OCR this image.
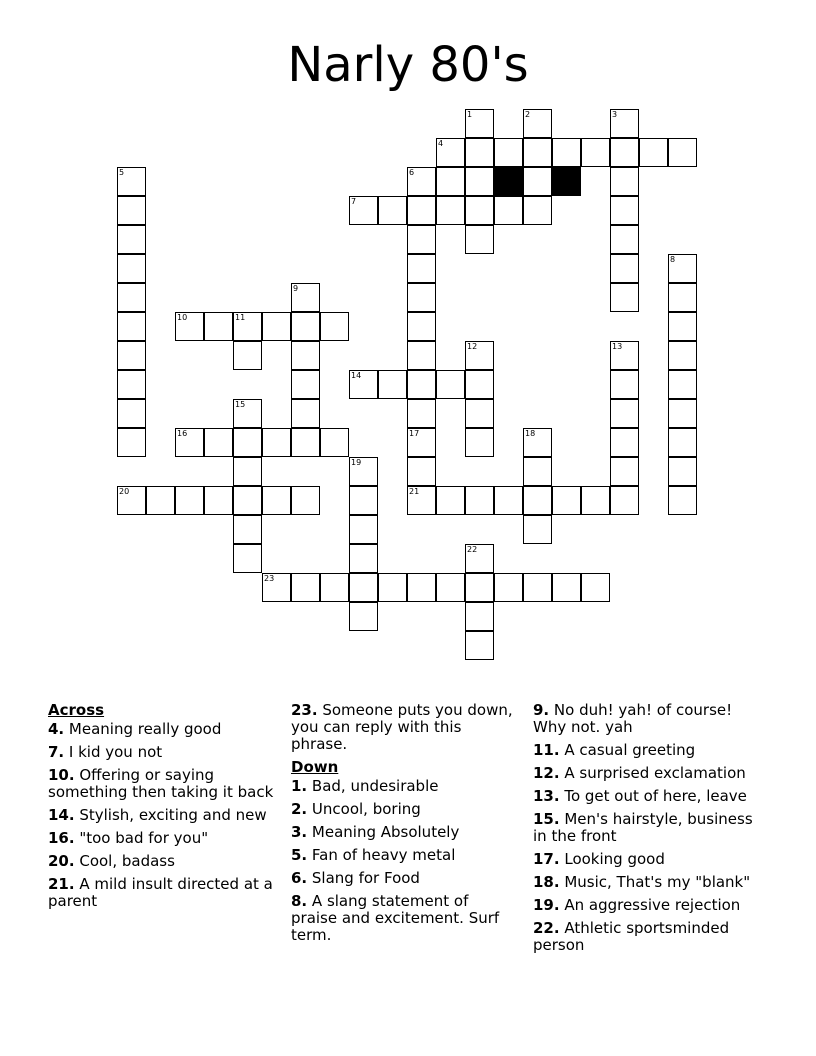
Narly 80's
1	2	3
4
5	6
7
8
9
10	11
12	13
14
15
16	17	18
19
20	21
22
23
Across
4. Meaning really good
7. I kid you not
10. Offering or saying something then taking it back
14. Stylish, exciting and new
16. "too bad for you"
20. Cool, badass
21. A mild insult directed at a parent
23. Someone puts you down, you can reply with this phrase.
Down
1. Bad, undesirable
2. Uncool, boring
3. Meaning Absolutely
5. Fan of heavy metal
6. Slang for Food
8. A slang statement of praise and excitement. Surf term.
9. No duh! yah! of course! Why not. yah
11. A casual greeting
12. A surprised exclamation
13. To get out of here, leave
15. Men's hairstyle, business in the front
17. Looking good
18. Music, That's my "blank"
19. An aggressive rejection
22. Athletic sportsminded person
